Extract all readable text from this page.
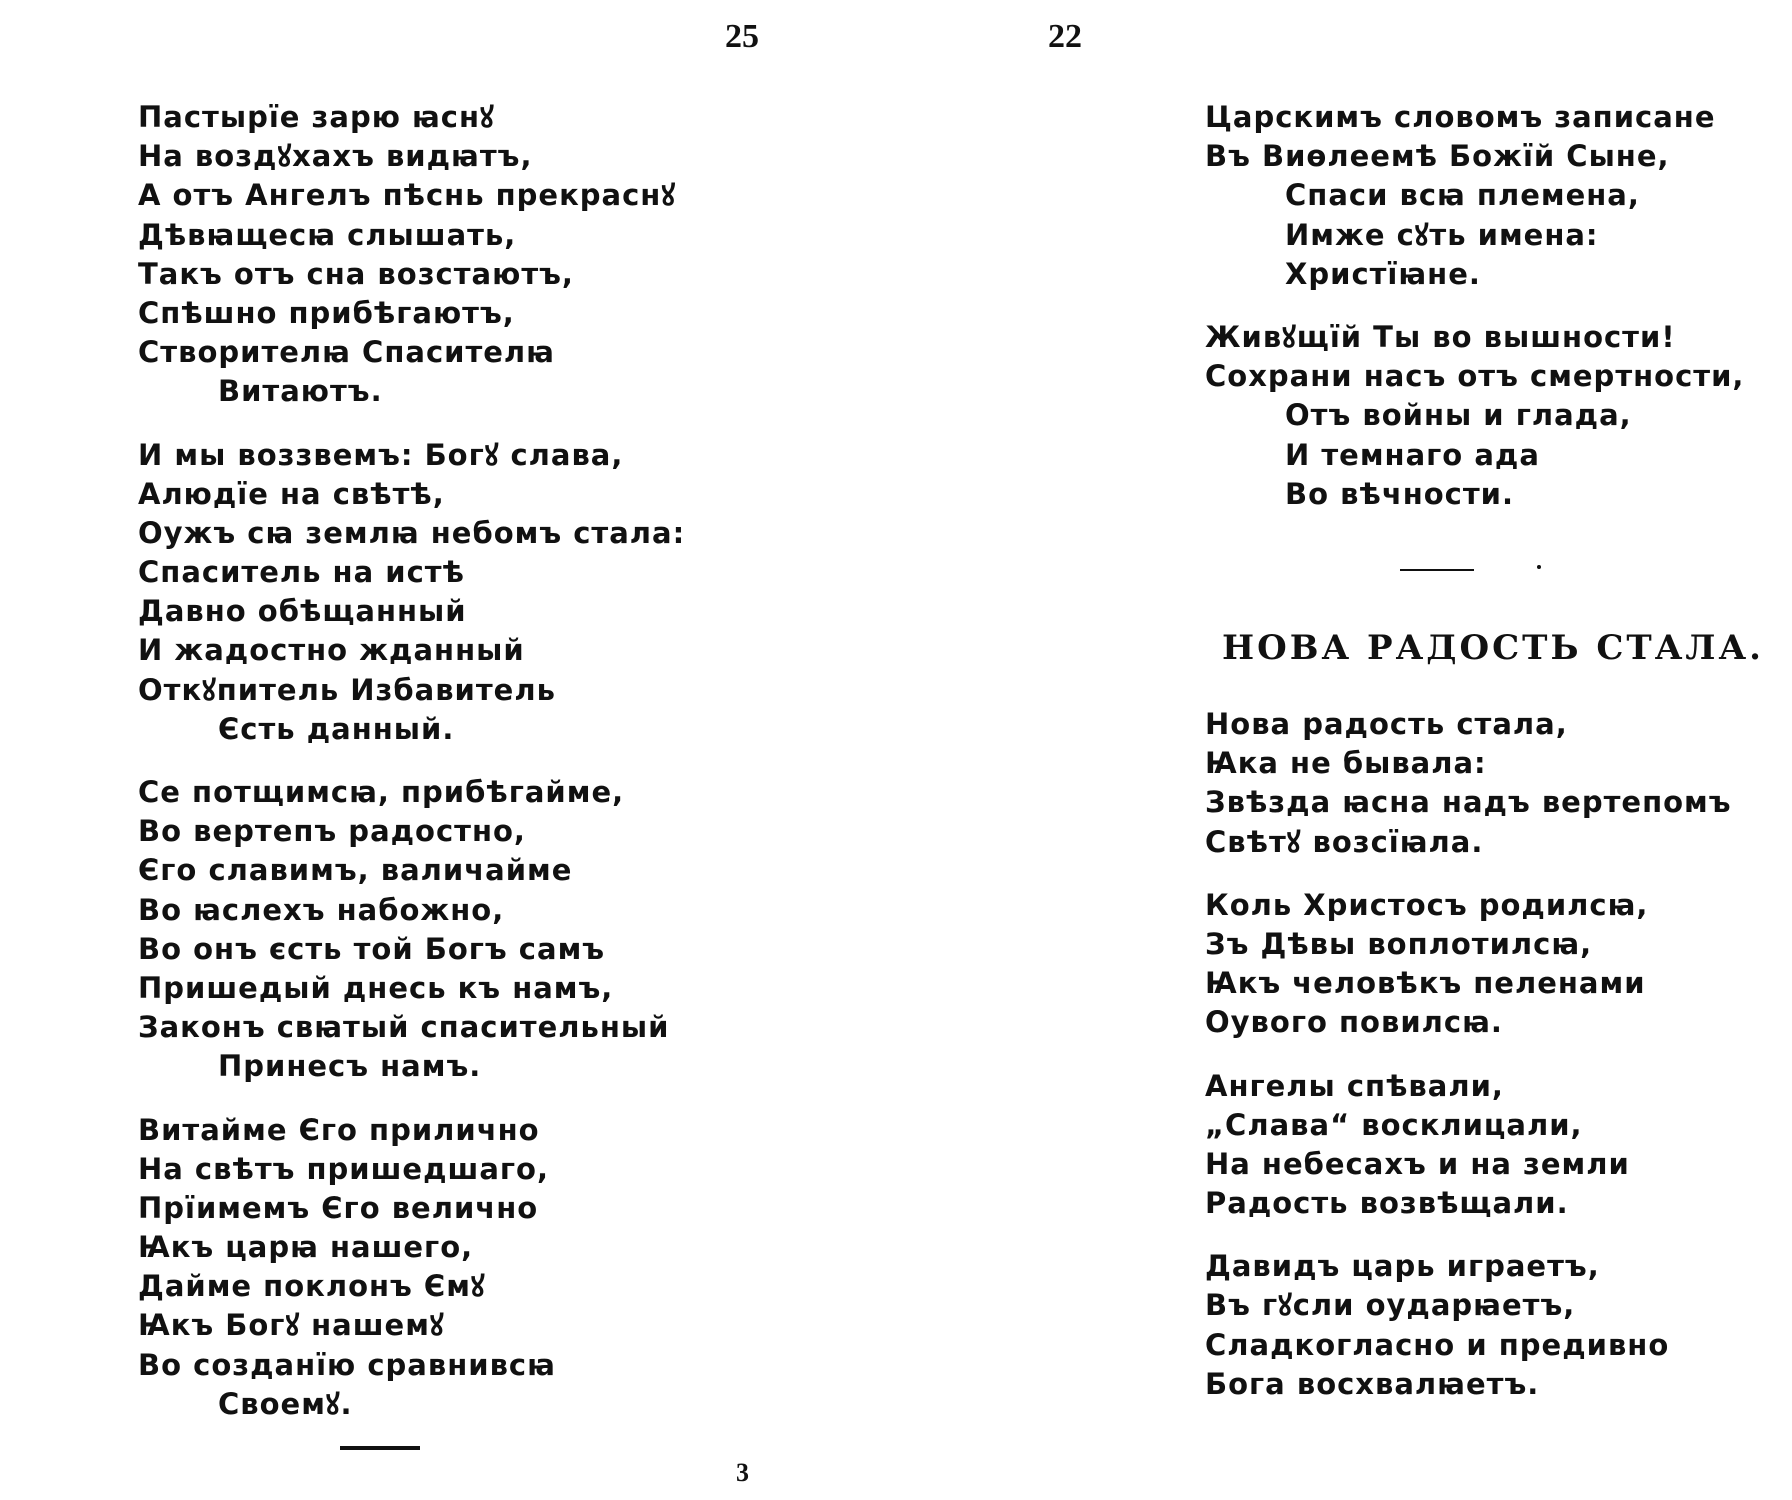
25	22
Пастырїе зарю ꙗснꙋ
На воздꙋхахъ видꙗтъ,
А отъ Ангелъ пѣснь прекраснꙋ
Дѣвꙗщесꙗ слышать,
Такъ отъ сна возстаютъ,
Спѣшно прибѣгаютъ,
Створителꙗ Спасителꙗ
Витаютъ.
И мы воззвемъ: Богꙋ слава,
Алюдїе на свѣтѣ,
Оужъ сꙗ землꙗ небомъ стала:
Спаситель на истѣ
Давно обѣщанный
И жадостно жданный
Откꙋпитель Избавитель
Єсть данный.
Се потщимсꙗ, прибѣгайме,
Во вертепъ радостно,
Єго славимъ, валичайме
Во ꙗслехъ набожно,
Во онъ єсть той Богъ самъ
Пришедый днесь къ намъ,
Законъ свꙗтый спасительный
Принесъ намъ.
Витайме Єго прилично
На свѣтъ пришедшаго,
Прїимемъ Єго велично
Ꙗкъ царꙗ нашего,
Дайме поклонъ Ємꙋ
Ꙗкъ Богꙋ нашемꙋ
Во созданїю сравнивсꙗ
Своемꙋ.
3
Царскимъ словомъ записане
Въ Виѳлеемѣ Божїй Сыне,
Спаси всꙗ племена,
Имже сꙋть имена:
Христїꙗне.
Живꙋщїй Ты во вышности!
Сохрани насъ отъ смертности,
Отъ войны и глада,
И темнаго ада
Во вѣчности.
НОВА РАДОСТЬ СТАЛА.
Нова радость стала,
Ꙗка не бывала:
Звѣзда ꙗсна надъ вертепомъ
Свѣтꙋ возсїꙗла.
Коль Христосъ родилсꙗ,
Зъ Дѣвы воплотилсꙗ,
Ꙗкъ человѣкъ пеленами
Оувого повилсꙗ.
Ангелы спѣвали,
„Слава“ восклицали,
На небесахъ и на земли
Радость возвѣщали.
Давидъ царь играетъ,
Въ гꙋсли оударꙗетъ,
Сладкогласно и предивно
Бога восхвалꙗетъ.
